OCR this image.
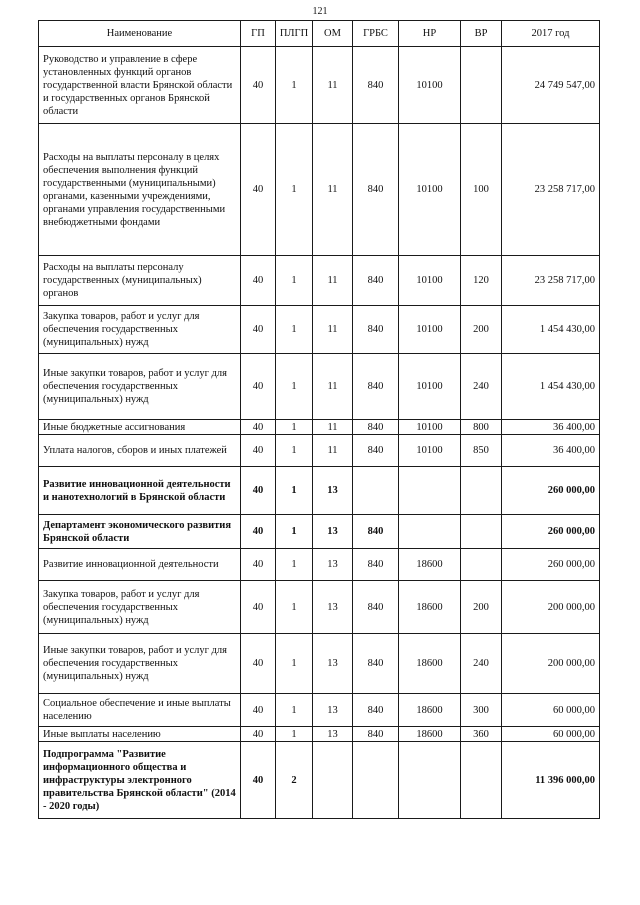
121
Наименование	ГП	ПЛГП	ОМ	ГРБС	НР	ВР	2017 год
Руководство и управление в сфере установленных функций органов государственной власти Брянской области и государственных органов Брянской области	40	1	11	840	10100		24 749 547,00
Расходы на выплаты персоналу в целях обеспечения выполнения функций государственными (муниципальными) органами, казенными учреждениями, органами управления государственными внебюджетными фондами	40	1	11	840	10100	100	23 258 717,00
Расходы на выплаты персоналу государственных (муниципальных) органов	40	1	11	840	10100	120	23 258 717,00
Закупка товаров, работ и услуг для обеспечения государственных (муниципальных) нужд	40	1	11	840	10100	200	1 454 430,00
Иные закупки товаров, работ и услуг для обеспечения государственных (муниципальных) нужд	40	1	11	840	10100	240	1 454 430,00
Иные бюджетные ассигнования	40	1	11	840	10100	800	36 400,00
Уплата налогов, сборов и иных платежей	40	1	11	840	10100	850	36 400,00
Развитие инновационной деятельности и нанотехнологий в Брянской области	40	1	13				260 000,00
Департамент экономического развития Брянской области	40	1	13	840			260 000,00
Развитие инновационной деятельности	40	1	13	840	18600		260 000,00
Закупка товаров, работ и услуг для обеспечения государственных (муниципальных) нужд	40	1	13	840	18600	200	200 000,00
Иные закупки товаров, работ и услуг для обеспечения государственных (муниципальных) нужд	40	1	13	840	18600	240	200 000,00
Социальное обеспечение и иные выплаты населению	40	1	13	840	18600	300	60 000,00
Иные выплаты населению	40	1	13	840	18600	360	60 000,00
Подпрограмма "Развитие информационного общества и инфраструктуры электронного правительства Брянской области" (2014 - 2020 годы)	40	2					11 396 000,00
